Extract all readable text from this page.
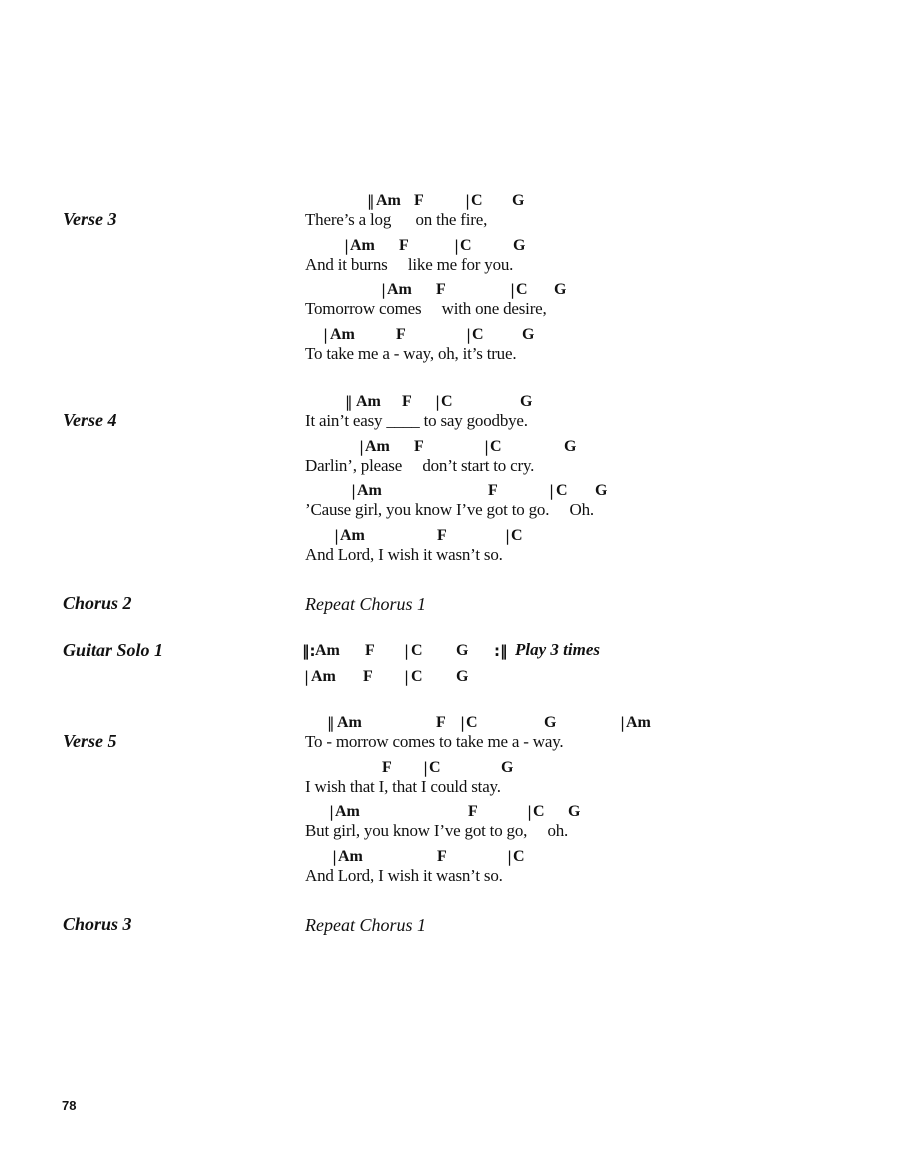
Verse 3
‖ Am F	| C G
There’s a log      on the fire,
| Am F	| C	G
And it burns     like me for you.
| Am F	| C G
Tomorrow comes     with one desire,
| Am	F	| C G
To take me a - way, oh, it’s true.
Verse 4
‖ Am F | C	G
It ain’t easy ____ to say goodbye.
| Am F	| C	G
Darlin’, please     don’t start to cry.
| Am	F	| C G
’Cause girl, you know I’ve got to go.     Oh.
| Am	F	| C
And Lord, I wish it wasn’t so.
Chorus 2	Repeat Chorus 1
Guitar Solo 1	‖: Am F | C G :‖ Play 3 times
| Am F | C G
Verse 5
‖ Am	F | C	G	| Am
To - morrow comes to take me a - way.
F | C	G
I wish that I, that I could stay.
| Am	F	| C G
But girl, you know I’ve got to go,     oh.
| Am	F	| C
And Lord, I wish it wasn’t so.
Chorus 3	Repeat Chorus 1
78
